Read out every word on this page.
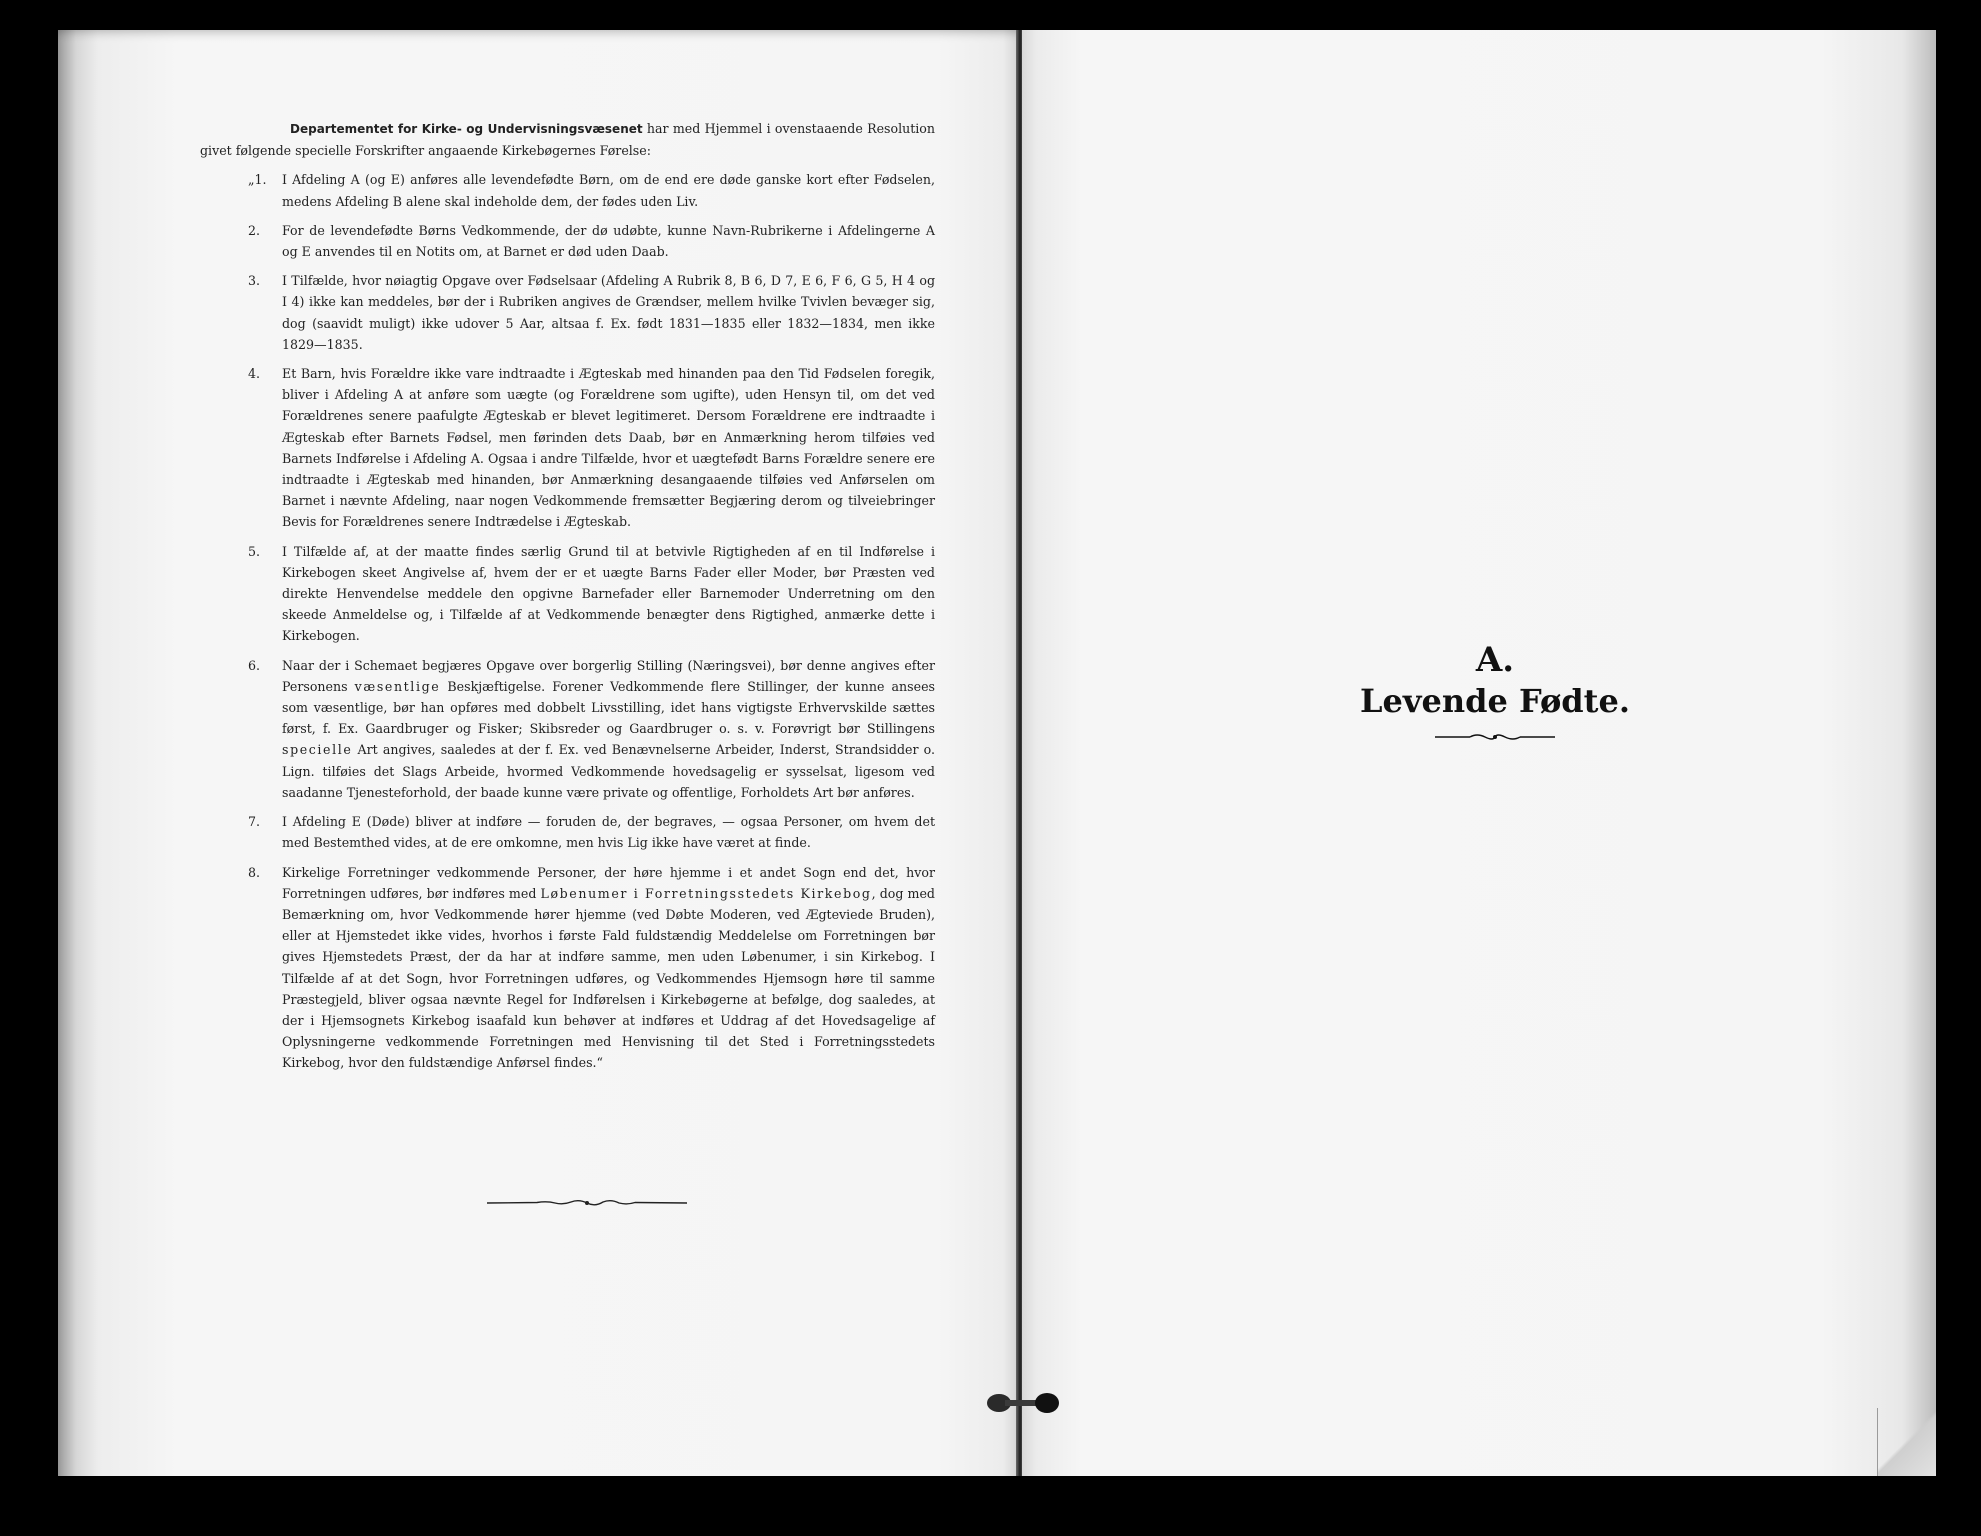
Departementet for Kirke- og Undervisningsvæsenet har med Hjemmel i ovenstaaende Resolution givet følgende specielle Forskrifter angaaende Kirkebøgernes Førelse:

„1. I Afdeling A (og E) anføres alle levendefødte Børn, om de end ere døde ganske kort efter Fødselen, medens Afdeling B alene skal indeholde dem, der fødes uden Liv.

2. For de levendefødte Børns Vedkommende, der dø udøbte, kunne Navn-Rubrikerne i Afdelingerne A og E anvendes til en Notits om, at Barnet er død uden Daab.

3. I Tilfælde, hvor nøiagtig Opgave over Fødselsaar (Afdeling A Rubrik 8, B 6, D 7, E 6, F 6, G 5, H 4 og I 4) ikke kan meddeles, bør der i Rubriken angives de Grændser, mellem hvilke Tvivlen bevæger sig, dog (saavidt muligt) ikke udover 5 Aar, altsaa f. Ex. født 1831—1835 eller 1832—1834, men ikke 1829—1835.

4. Et Barn, hvis Forældre ikke vare indtraadte i Ægteskab med hinanden paa den Tid Fødselen foregik, bliver i Afdeling A at anføre som uægte (og Forældrene som ugifte), uden Hensyn til, om det ved Forældrenes senere paafulgte Ægteskab er blevet legitimeret. Dersom Forældrene ere indtraadte i Ægteskab efter Barnets Fødsel, men førinden dets Daab, bør en Anmærkning herom tilføies ved Barnets Indførelse i Afdeling A. Ogsaa i andre Tilfælde, hvor et uægtefødt Barns Forældre senere ere indtraadte i Ægteskab med hinanden, bør Anmærkning desangaaende tilføies ved Anførselen om Barnet i nævnte Afdeling, naar nogen Vedkommende fremsætter Begjæring derom og tilveiebringer Bevis for Forældrenes senere Indtrædelse i Ægteskab.

5. I Tilfælde af, at der maatte findes særlig Grund til at betvivle Rigtigheden af en til Indførelse i Kirkebogen skeet Angivelse af, hvem der er et uægte Barns Fader eller Moder, bør Præsten ved direkte Henvendelse meddele den opgivne Barnefader eller Barnemoder Underretning om den skeede Anmeldelse og, i Tilfælde af at Vedkommende benægter dens Rigtighed, anmærke dette i Kirkebogen.

6. Naar der i Schemaet begjæres Opgave over borgerlig Stilling (Næringsvei), bør denne angives efter Personens væsentlige Beskjæftigelse. Forener Vedkommende flere Stillinger, der kunne ansees som væsentlige, bør han opføres med dobbelt Livsstilling, idet hans vigtigste Erhvervskilde sættes først, f. Ex. Gaardbruger og Fisker; Skibsreder og Gaardbruger o. s. v. Forøvrigt bør Stillingens specielle Art angives, saaledes at der f. Ex. ved Benævnelserne Arbeider, Inderst, Strandsidder o. Lign. tilføies det Slags Arbeide, hvormed Vedkommende hovedsagelig er sysselsat, ligesom ved saadanne Tjenesteforhold, der baade kunne være private og offentlige, Forholdets Art bør anføres.

7. I Afdeling E (Døde) bliver at indføre — foruden de, der begraves, — ogsaa Personer, om hvem det med Bestemthed vides, at de ere omkomne, men hvis Lig ikke have været at finde.

8. Kirkelige Forretninger vedkommende Personer, der høre hjemme i et andet Sogn end det, hvor Forretningen udføres, bør indføres med Løbenumer i Forretningsstedets Kirkebog, dog med Bemærkning om, hvor Vedkommende hører hjemme (ved Døbte Moderen, ved Ægteviede Bruden), eller at Hjemstedet ikke vides, hvorhos i første Fald fuldstændig Meddelelse om Forretningen bør gives Hjemstedets Præst, der da har at indføre samme, men uden Løbenumer, i sin Kirkebog. I Tilfælde af at det Sogn, hvor Forretningen udføres, og Vedkommendes Hjemsogn høre til samme Præstegjeld, bliver ogsaa nævnte Regel for Indførelsen i Kirkebøgerne at befølge, dog saaledes, at der i Hjemsognets Kirkebog isaafald kun behøver at indføres et Uddrag af det Hovedsagelige af Oplysningerne vedkommende Forretningen med Henvisning til det Sted i Forretningsstedets Kirkebog, hvor den fuldstændige Anførsel findes.“

A.
Levende Fødte.
